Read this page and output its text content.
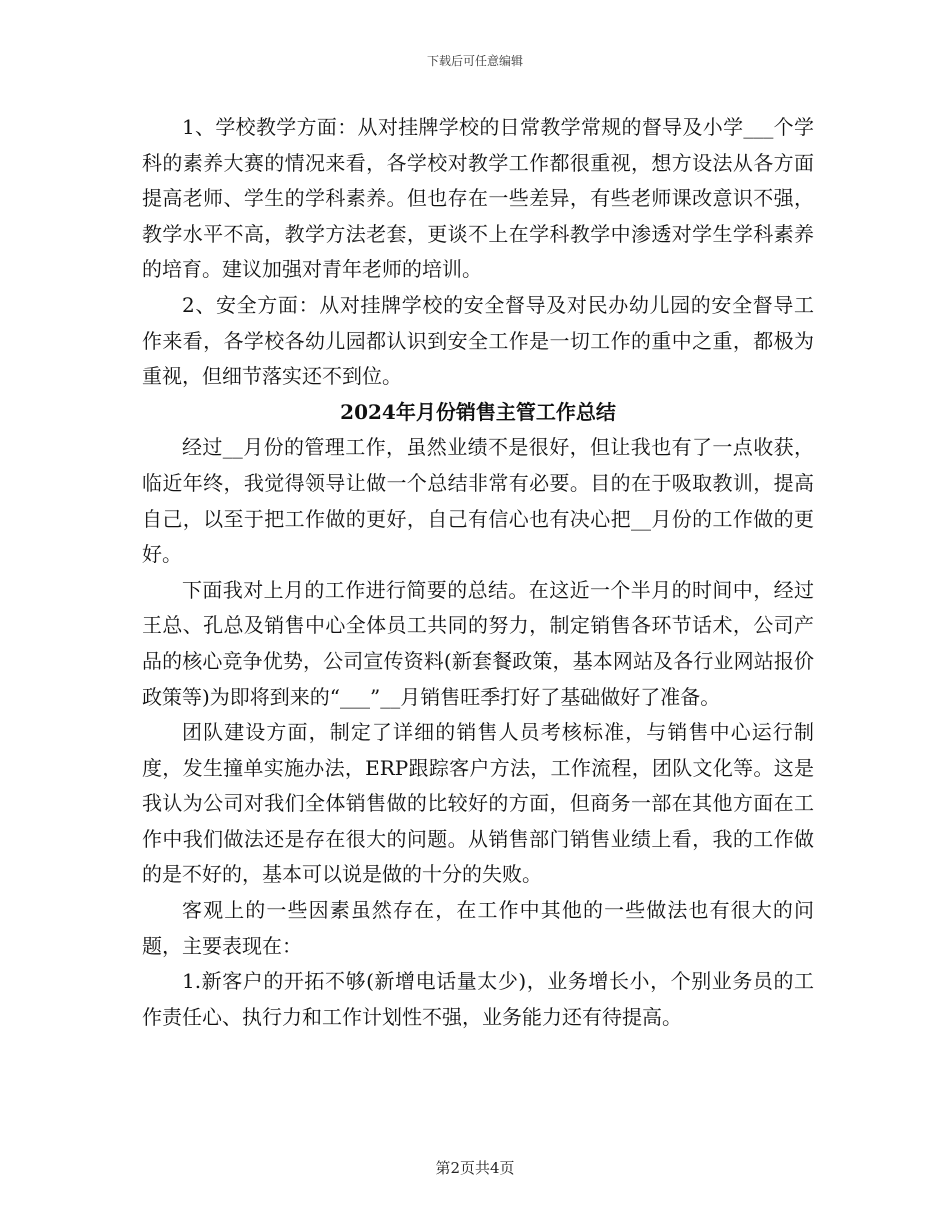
下载后可任意编辑

1、学校教学方面：从对挂牌学校的日常教学常规的督导及小学___个学科的素养大赛的情况来看，各学校对教学工作都很重视，想方设法从各方面提高老师、学生的学科素养。但也存在一些差异，有些老师课改意识不强，教学水平不高，教学方法老套，更谈不上在学科教学中渗透对学生学科素养的培育。建议加强对青年老师的培训。

2、安全方面：从对挂牌学校的安全督导及对民办幼儿园的安全督导工作来看，各学校各幼儿园都认识到安全工作是一切工作的重中之重，都极为重视，但细节落实还不到位。

2024年月份销售主管工作总结

经过__月份的管理工作，虽然业绩不是很好，但让我也有了一点收获，临近年终，我觉得领导让做一个总结非常有必要。目的在于吸取教训，提高自己，以至于把工作做的更好，自己有信心也有决心把__月份的工作做的更好。

下面我对上月的工作进行简要的总结。在这近一个半月的时间中，经过王总、孔总及销售中心全体员工共同的努力，制定销售各环节话术，公司产品的核心竞争优势，公司宣传资料(新套餐政策，基本网站及各行业网站报价政策等)为即将到来的“___”__月销售旺季打好了基础做好了准备。

团队建设方面，制定了详细的销售人员考核标准，与销售中心运行制度，发生撞单实施办法，ERP跟踪客户方法，工作流程，团队文化等。这是我认为公司对我们全体销售做的比较好的方面，但商务一部在其他方面在工作中我们做法还是存在很大的问题。从销售部门销售业绩上看，我的工作做的是不好的，基本可以说是做的十分的失败。

客观上的一些因素虽然存在，在工作中其他的一些做法也有很大的问题，主要表现在：

1.新客户的开拓不够(新增电话量太少)，业务增长小，个别业务员的工作责任心、执行力和工作计划性不强，业务能力还有待提高。

第2页共4页
